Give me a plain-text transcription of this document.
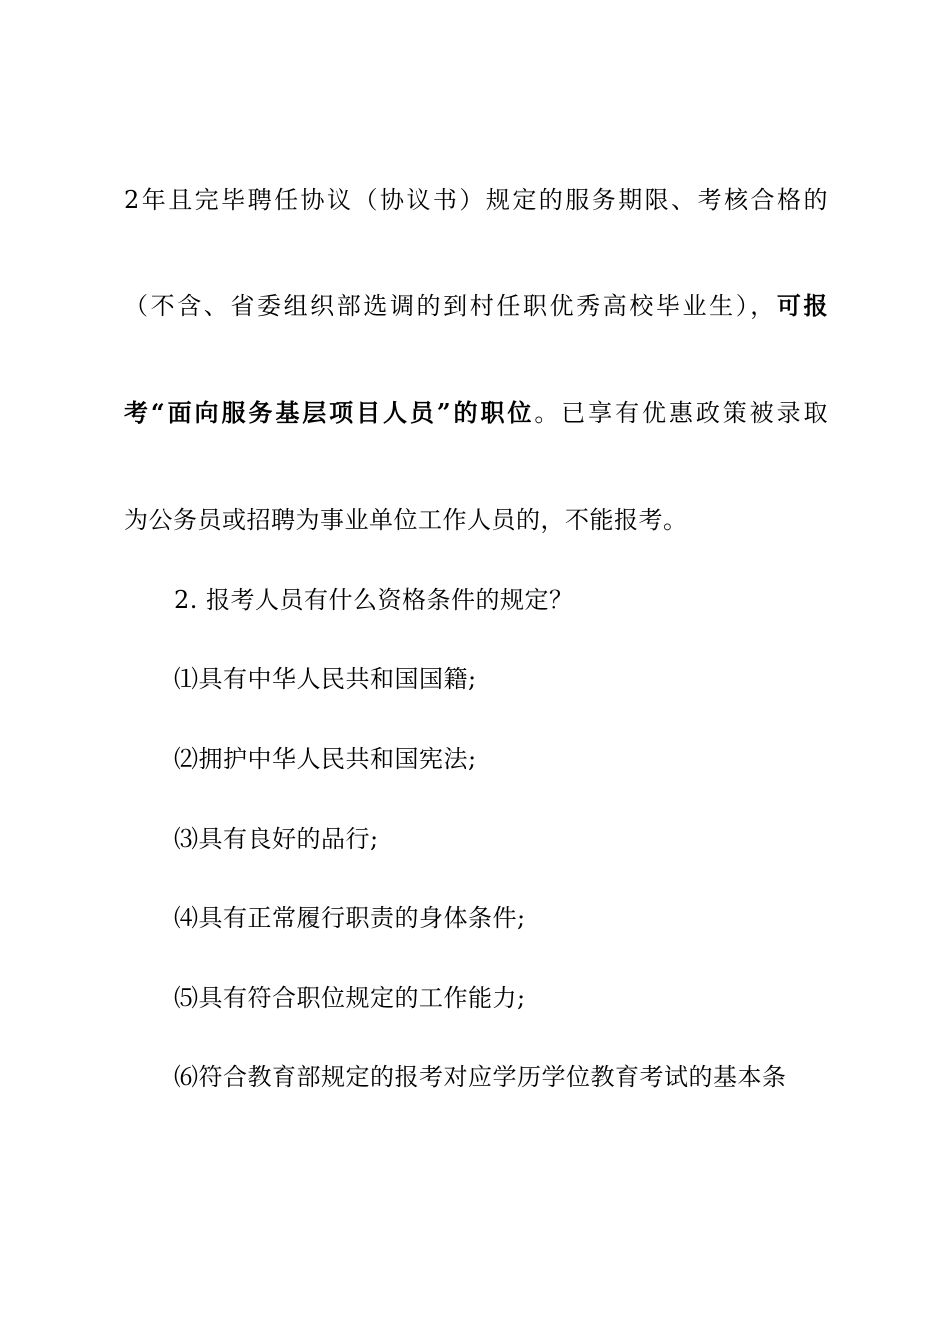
2年且完毕聘任协议（协议书）规定的服务期限、考核合格的
（不含、省委组织部选调的到村任职优秀高校毕业生），可报
考“面向服务基层项目人员”的职位。已享有优惠政策被录取
为公务员或招聘为事业单位工作人员的，不能报考。
2. 报考人员有什么资格条件的规定？
⑴具有中华人民共和国国籍;
⑵拥护中华人民共和国宪法;
⑶具有良好的品行;
⑷具有正常履行职责的身体条件;
⑸具有符合职位规定的工作能力;
⑹符合教育部规定的报考对应学历学位教育考试的基本条
